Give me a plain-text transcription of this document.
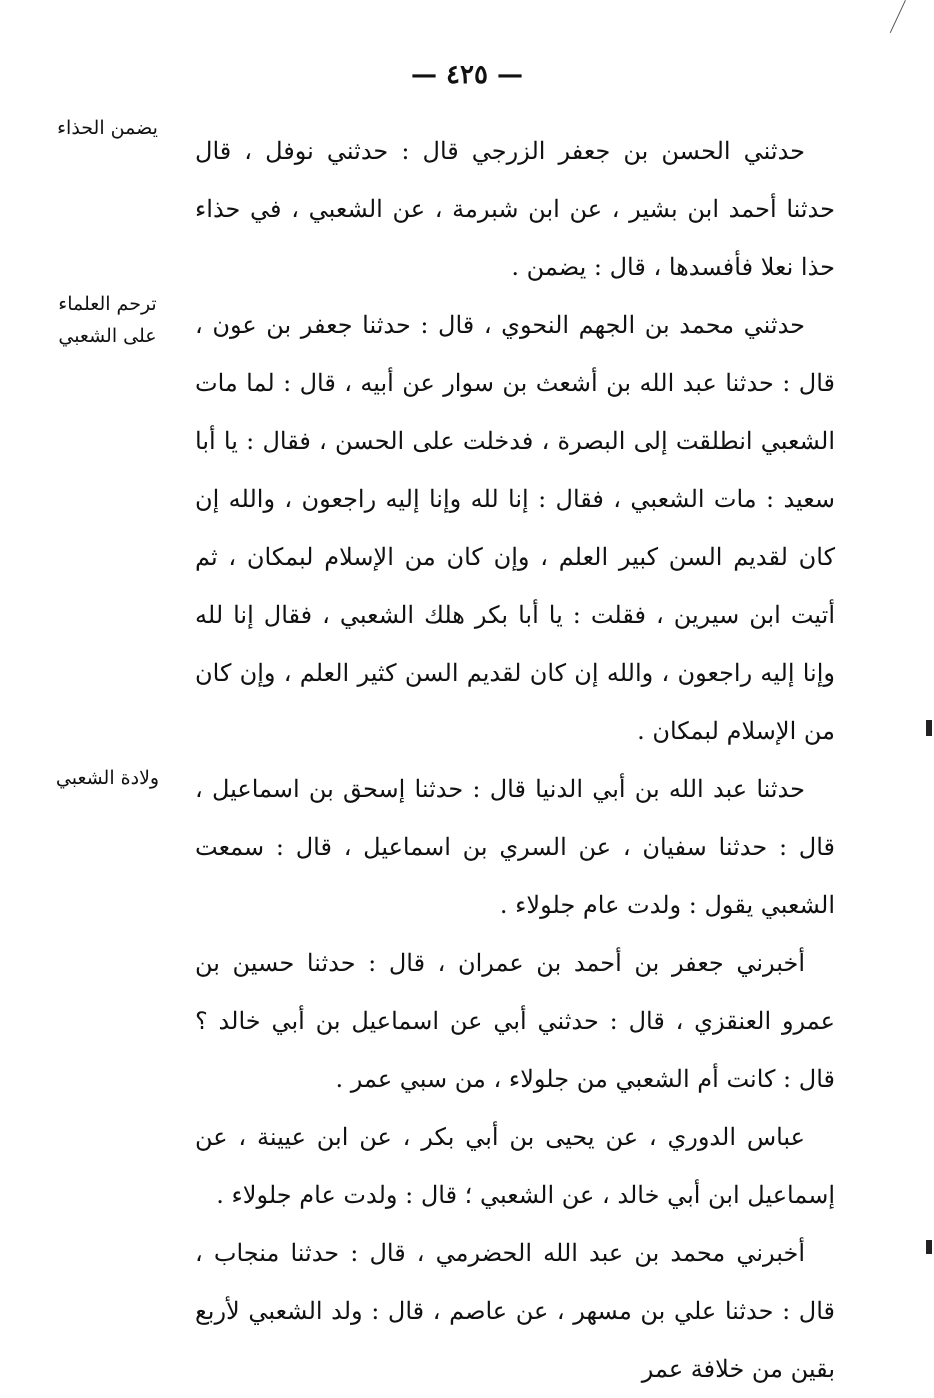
— ٤٢٥ —
يضمن الحذاء
ترحم العلماء على الشعبي
ولادة الشعبي

حدثني الحسن بن جعفر الزرجي قال : حدثني نوفل ، قال حدثنا أحمد ابن بشير ، عن ابن شبرمة ، عن الشعبي ، في حذاء حذا نعلا فأفسدها ، قال : يضمن .

حدثني محمد بن الجهم النحوي ، قال : حدثنا جعفر بن عون ، قال : حدثنا عبد الله بن أشعث بن سوار عن أبيه ، قال : لما مات الشعبي انطلقت إلى البصرة ، فدخلت على الحسن ، فقال : يا أبا سعيد : مات الشعبي ، فقال : إنا لله وإنا إليه راجعون ، والله إن كان لقديم السن كبير العلم ، وإن كان من الإسلام لبمكان ، ثم أتيت ابن سيرين ، فقلت : يا أبا بكر هلك الشعبي ، فقال إنا لله وإنا إليه راجعون ، والله إن كان لقديم السن كثير العلم ، وإن كان من الإسلام لبمكان .

حدثنا عبد الله بن أبي الدنيا قال : حدثنا إسحق بن اسماعيل ، قال : حدثنا سفيان ، عن السري بن اسماعيل ، قال : سمعت الشعبي يقول : ولدت عام جلولاء .

أخبرني جعفر بن أحمد بن عمران ، قال : حدثنا حسين بن عمرو العنقزي ، قال : حدثني أبي عن اسماعيل بن أبي خالد ؟ قال : كانت أم الشعبي من جلولاء ، من سبي عمر .

عباس الدوري ، عن يحيى بن أبي بكر ، عن ابن عيينة ، عن إسماعيل ابن أبي خالد ، عن الشعبي ؛ قال : ولدت عام جلولاء .

أخبرني محمد بن عبد الله الحضرمي ، قال : حدثنا منجاب ، قال : حدثنا علي بن مسهر ، عن عاصم ، قال : ولد الشعبي لأربع بقين من خلافة عمر
